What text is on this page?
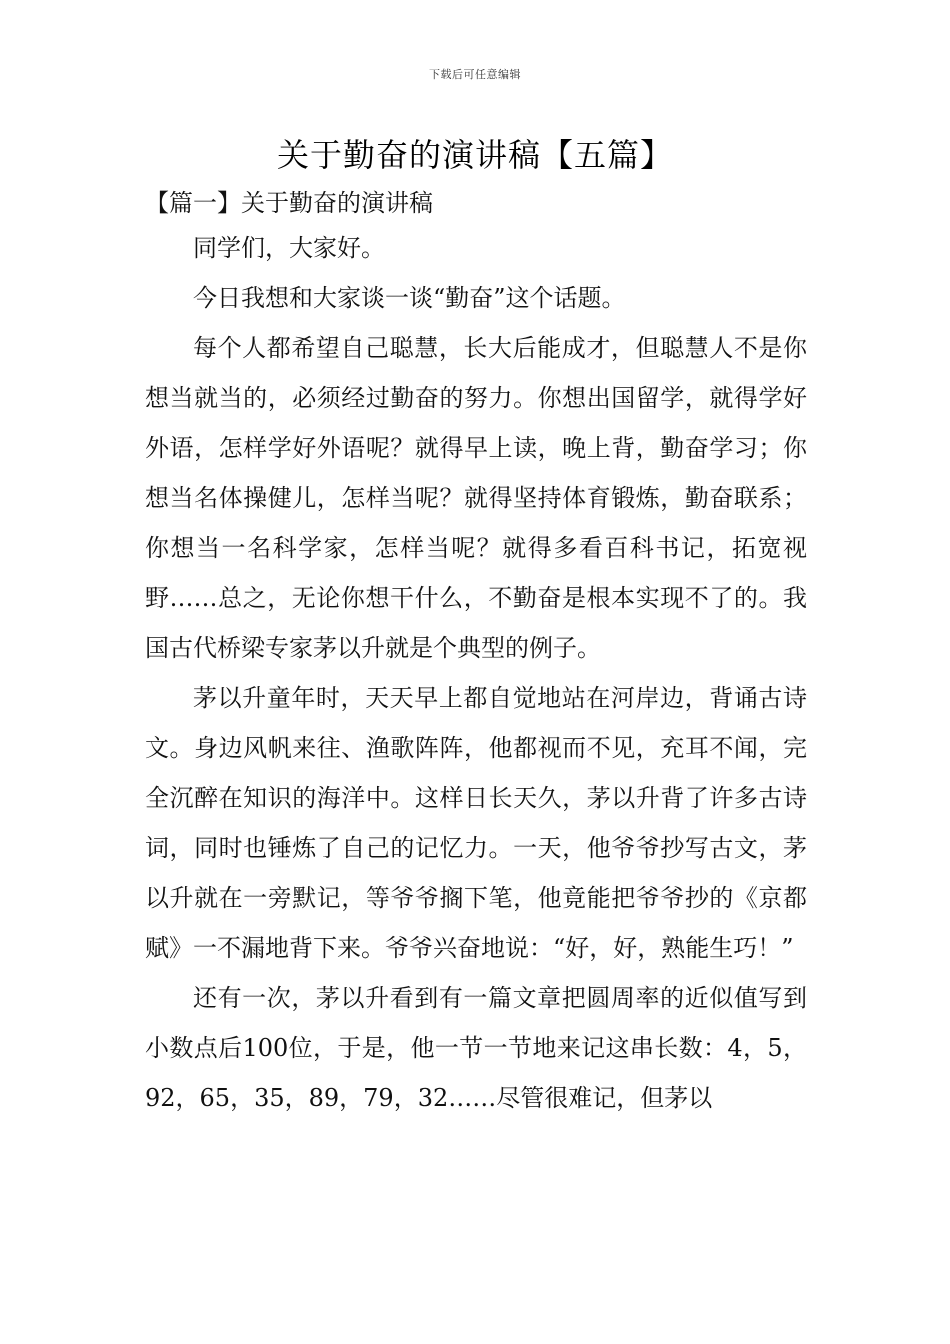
下载后可任意编辑
关于勤奋的演讲稿【五篇】
【篇一】关于勤奋的演讲稿

同学们，大家好。

今日我想和大家谈一谈“勤奋”这个话题。

每个人都希望自己聪慧，长大后能成才，但聪慧人不是你想当就当的，必须经过勤奋的努力。你想出国留学，就得学好外语，怎样学好外语呢？就得早上读，晚上背，勤奋学习；你想当名体操健儿，怎样当呢？就得坚持体育锻炼，勤奋联系；你想当一名科学家，怎样当呢？就得多看百科书记，拓宽视野……总之，无论你想干什么，不勤奋是根本实现不了的。我国古代桥梁专家茅以升就是个典型的例子。

茅以升童年时，天天早上都自觉地站在河岸边，背诵古诗文。身边风帆来往、渔歌阵阵，他都视而不见，充耳不闻，完全沉醉在知识的海洋中。这样日长天久，茅以升背了许多古诗词，同时也锤炼了自己的记忆力。一天，他爷爷抄写古文，茅以升就在一旁默记，等爷爷搁下笔，他竟能把爷爷抄的《京都赋》一不漏地背下来。爷爷兴奋地说：“好，好，熟能生巧！”

还有一次，茅以升看到有一篇文章把圆周率的近似值写到小数点后100位，于是，他一节一节地来记这串长数：4，5，92，65，35，89，79，32……尽管很难记，但茅以
